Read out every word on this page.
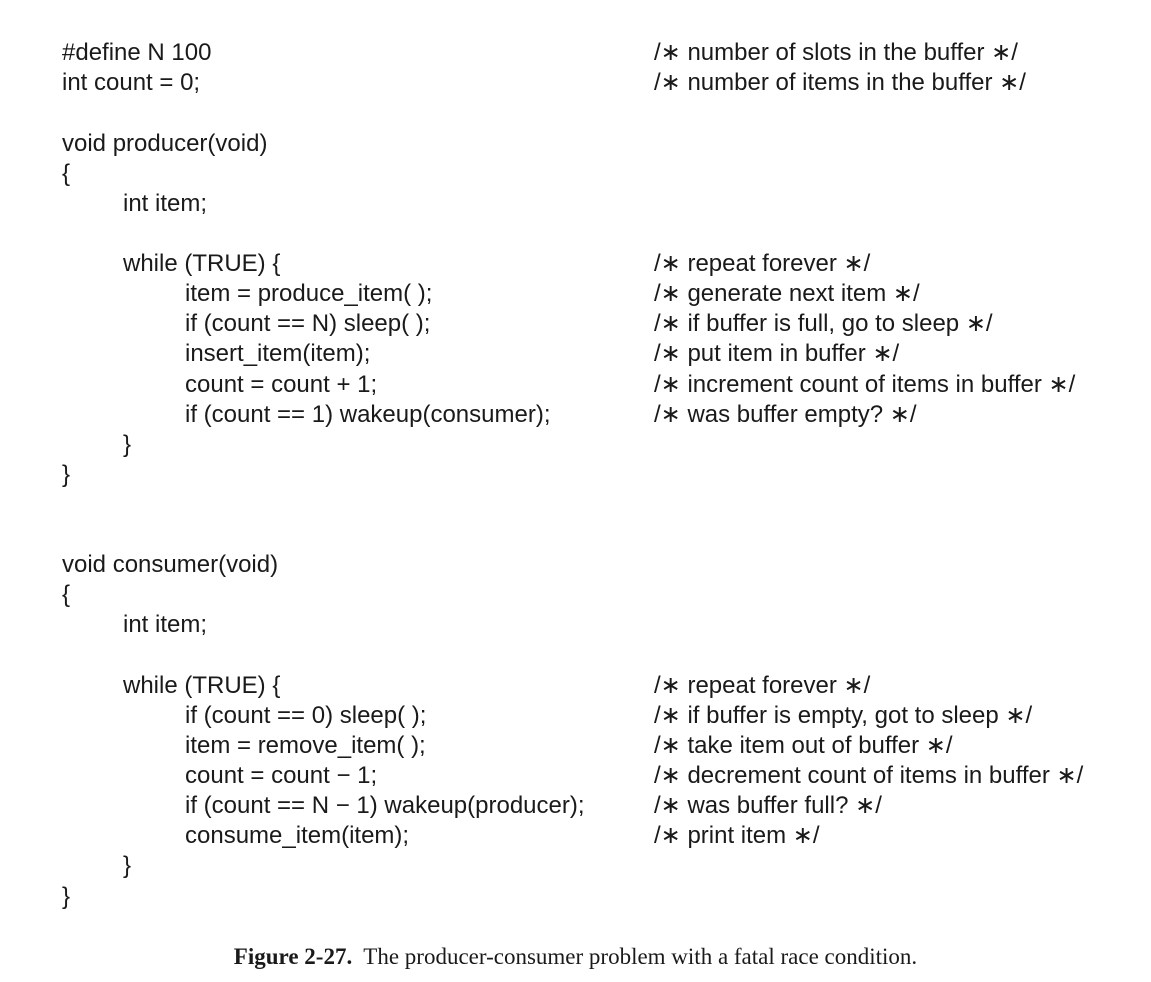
#define N 100	/∗ number of slots in the buffer ∗/
int count = 0;	/∗ number of items in the buffer ∗/
void producer(void)
{
int item;
while (TRUE) {	/∗ repeat forever ∗/
item = produce_item( );	/∗ generate next item ∗/
if (count == N) sleep( );	/∗ if buffer is full, go to sleep ∗/
insert_item(item);	/∗ put item in buffer ∗/
count = count + 1;	/∗ increment count of items in buffer ∗/
if (count == 1) wakeup(consumer);	/∗ was buffer empty? ∗/
}
}
void consumer(void)
{
int item;
while (TRUE) {	/∗ repeat forever ∗/
if (count == 0) sleep( );	/∗ if buffer is empty, got to sleep ∗/
item = remove_item( );	/∗ take item out of buffer ∗/
count = count − 1;	/∗ decrement count of items in buffer ∗/
if (count == N − 1) wakeup(producer);	/∗ was buffer full? ∗/
consume_item(item);	/∗ print item ∗/
}
}
Figure 2-27. The producer-consumer problem with a fatal race condition.
